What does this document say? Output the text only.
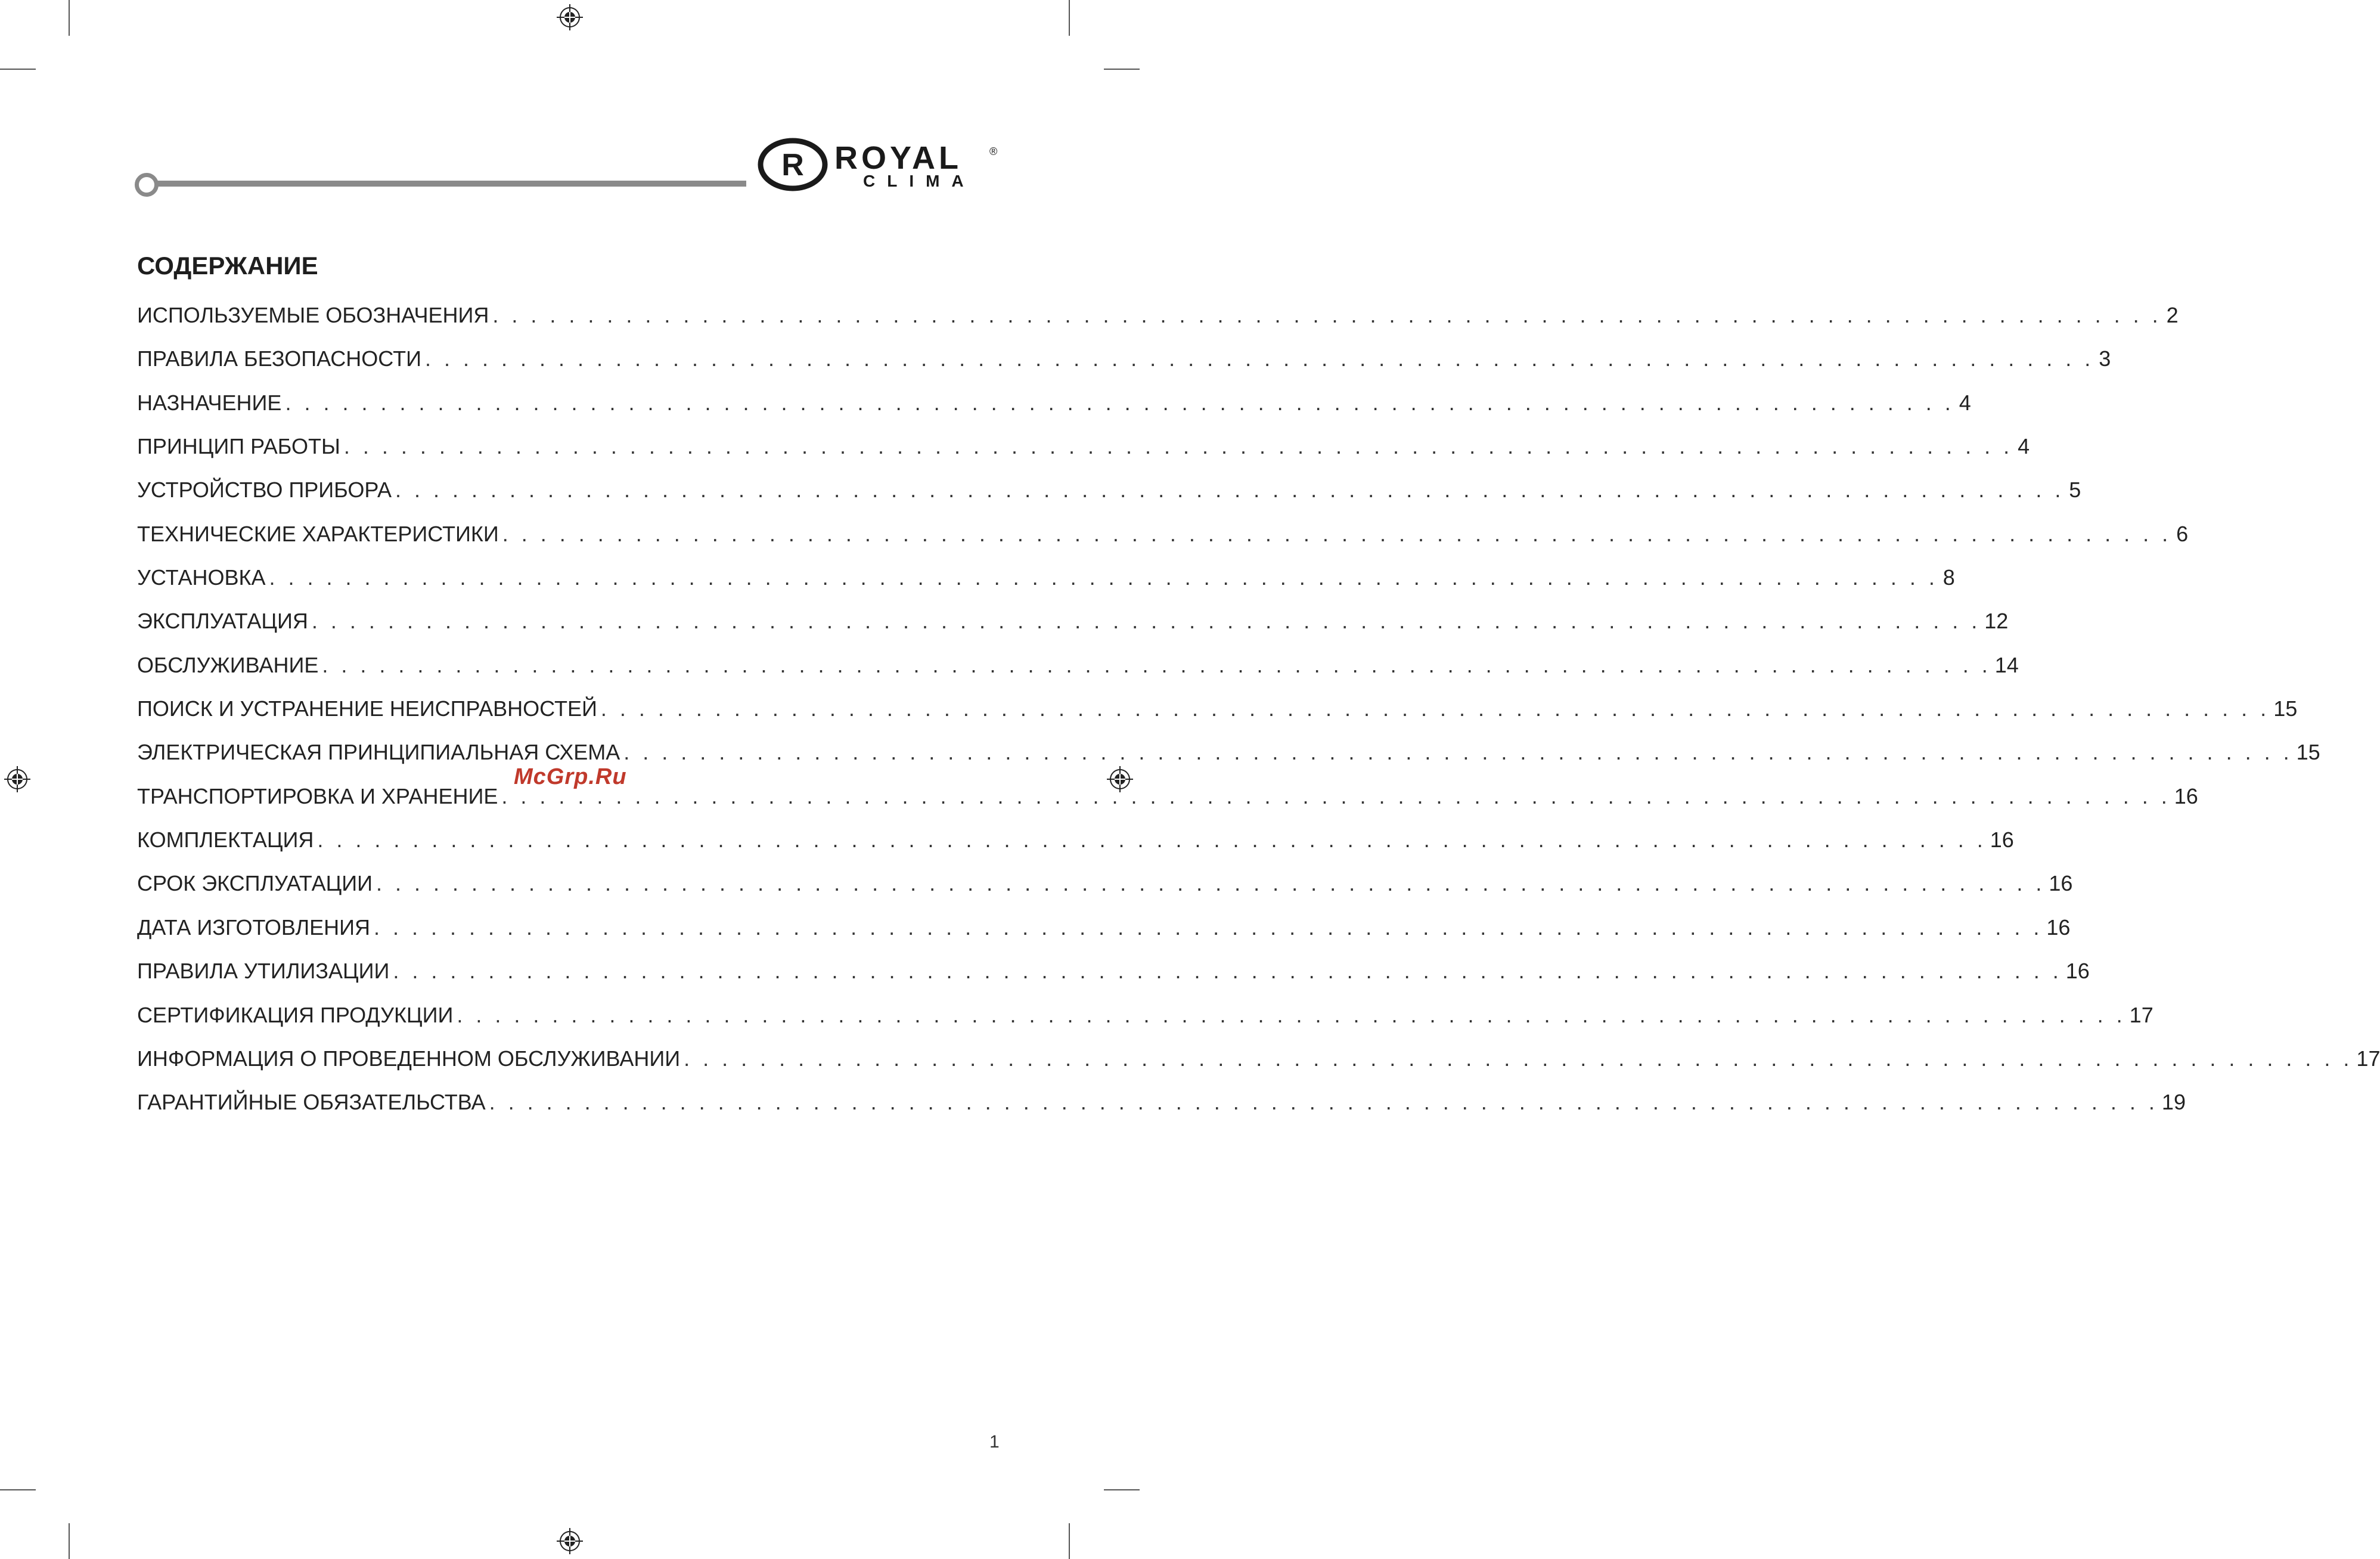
R ROYAL	®
CLIMA
СОДЕРЖАНИЕ
ИСПОЛЬЗУЕМЫЕ ОБОЗНАЧЕНИЯ . . . . . . . . . . . . . . . . . . . . . . . . . . . . . . . . . . . . . . . . . . . . . . . . . . . . . . . . . . . . . . . . . . . . . . . . . . . . . . . . . . . . . . . . 2
ПРАВИЛА БЕЗОПАСНОСТИ . . . . . . . . . . . . . . . . . . . . . . . . . . . . . . . . . . . . . . . . . . . . . . . . . . . . . . . . . . . . . . . . . . . . . . . . . . . . . . . . . . . . . . . . 3
НАЗНАЧЕНИЕ . . . . . . . . . . . . . . . . . . . . . . . . . . . . . . . . . . . . . . . . . . . . . . . . . . . . . . . . . . . . . . . . . . . . . . . . . . . . . . . . . . . . . . . . 4
ПРИНЦИП РАБОТЫ . . . . . . . . . . . . . . . . . . . . . . . . . . . . . . . . . . . . . . . . . . . . . . . . . . . . . . . . . . . . . . . . . . . . . . . . . . . . . . . . . . . . . . . . 4
УСТРОЙСТВО ПРИБОРА . . . . . . . . . . . . . . . . . . . . . . . . . . . . . . . . . . . . . . . . . . . . . . . . . . . . . . . . . . . . . . . . . . . . . . . . . . . . . . . . . . . . . . . . 5
ТЕХНИЧЕСКИЕ ХАРАКТЕРИСТИКИ . . . . . . . . . . . . . . . . . . . . . . . . . . . . . . . . . . . . . . . . . . . . . . . . . . . . . . . . . . . . . . . . . . . . . . . . . . . . . . . . . . . . . . . . 6
УСТАНОВКА . . . . . . . . . . . . . . . . . . . . . . . . . . . . . . . . . . . . . . . . . . . . . . . . . . . . . . . . . . . . . . . . . . . . . . . . . . . . . . . . . . . . . . . . 8
ЭКСПЛУАТАЦИЯ . . . . . . . . . . . . . . . . . . . . . . . . . . . . . . . . . . . . . . . . . . . . . . . . . . . . . . . . . . . . . . . . . . . . . . . . . . . . . . . . . . . . . . . . 12
ОБСЛУЖИВАНИЕ . . . . . . . . . . . . . . . . . . . . . . . . . . . . . . . . . . . . . . . . . . . . . . . . . . . . . . . . . . . . . . . . . . . . . . . . . . . . . . . . . . . . . . . . 14
ПОИСК И УСТРАНЕНИЕ НЕИСПРАВНОСТЕЙ . . . . . . . . . . . . . . . . . . . . . . . . . . . . . . . . . . . . . . . . . . . . . . . . . . . . . . . . . . . . . . . . . . . . . . . . . . . . . . . . . . . . . . . . 15
ЭЛЕКТРИЧЕСКАЯ ПРИНЦИПИАЛЬНАЯ СХЕМА . . . . . . . . . . . . . . . . . . . . . . . . . . . . . . . . . . . . . . . . . . . . . . . . . . . . . . . . . . . . . . . . . . . . . . . . . . . . . . . . . . . . . . . . 15
ТРАНСПОРТИРОВКА И ХРАНЕНИЕ . . . . . . . . . . . . . . . . . . . . . . . . . . . . . . . . . . . . . . . . . . . . . . . . . . . . . . . . . . . . . . . . . . . . . . . . . . . . . . . . . . . . . . . . 16
КОМПЛЕКТАЦИЯ . . . . . . . . . . . . . . . . . . . . . . . . . . . . . . . . . . . . . . . . . . . . . . . . . . . . . . . . . . . . . . . . . . . . . . . . . . . . . . . . . . . . . . . . 16
СРОК ЭКСПЛУАТАЦИИ . . . . . . . . . . . . . . . . . . . . . . . . . . . . . . . . . . . . . . . . . . . . . . . . . . . . . . . . . . . . . . . . . . . . . . . . . . . . . . . . . . . . . . . . 16
ДАТА ИЗГОТОВЛЕНИЯ . . . . . . . . . . . . . . . . . . . . . . . . . . . . . . . . . . . . . . . . . . . . . . . . . . . . . . . . . . . . . . . . . . . . . . . . . . . . . . . . . . . . . . . . 16
ПРАВИЛА УТИЛИЗАЦИИ . . . . . . . . . . . . . . . . . . . . . . . . . . . . . . . . . . . . . . . . . . . . . . . . . . . . . . . . . . . . . . . . . . . . . . . . . . . . . . . . . . . . . . . . 16
СЕРТИФИКАЦИЯ ПРОДУКЦИИ . . . . . . . . . . . . . . . . . . . . . . . . . . . . . . . . . . . . . . . . . . . . . . . . . . . . . . . . . . . . . . . . . . . . . . . . . . . . . . . . . . . . . . . . 17
ИНФОРМАЦИЯ О ПРОВЕДЕННОМ ОБСЛУЖИВАНИИ . . . . . . . . . . . . . . . . . . . . . . . . . . . . . . . . . . . . . . . . . . . . . . . . . . . . . . . . . . . . . . . . . . . . . . . . . . . . . . . . . . . . . . . . 17
ГАРАНТИЙНЫЕ ОБЯЗАТЕЛЬСТВА . . . . . . . . . . . . . . . . . . . . . . . . . . . . . . . . . . . . . . . . . . . . . . . . . . . . . . . . . . . . . . . . . . . . . . . . . . . . . . . . . . . . . . . . 19
McGrp.Ru
1
